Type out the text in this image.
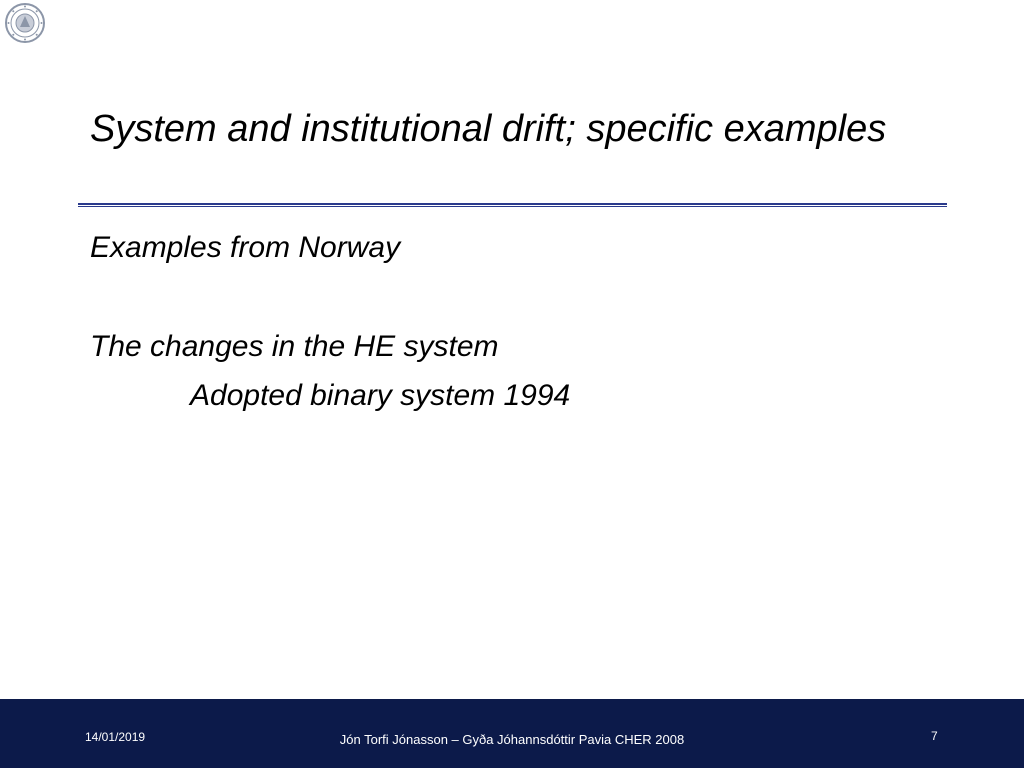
System and institutional drift; specific examples

Examples from Norway

The changes in the HE system

Adopted binary system 1994

14/01/2019	Jón Torfi Jónasson – Gyða Jóhannsdóttir Pavia CHER 2008	7
